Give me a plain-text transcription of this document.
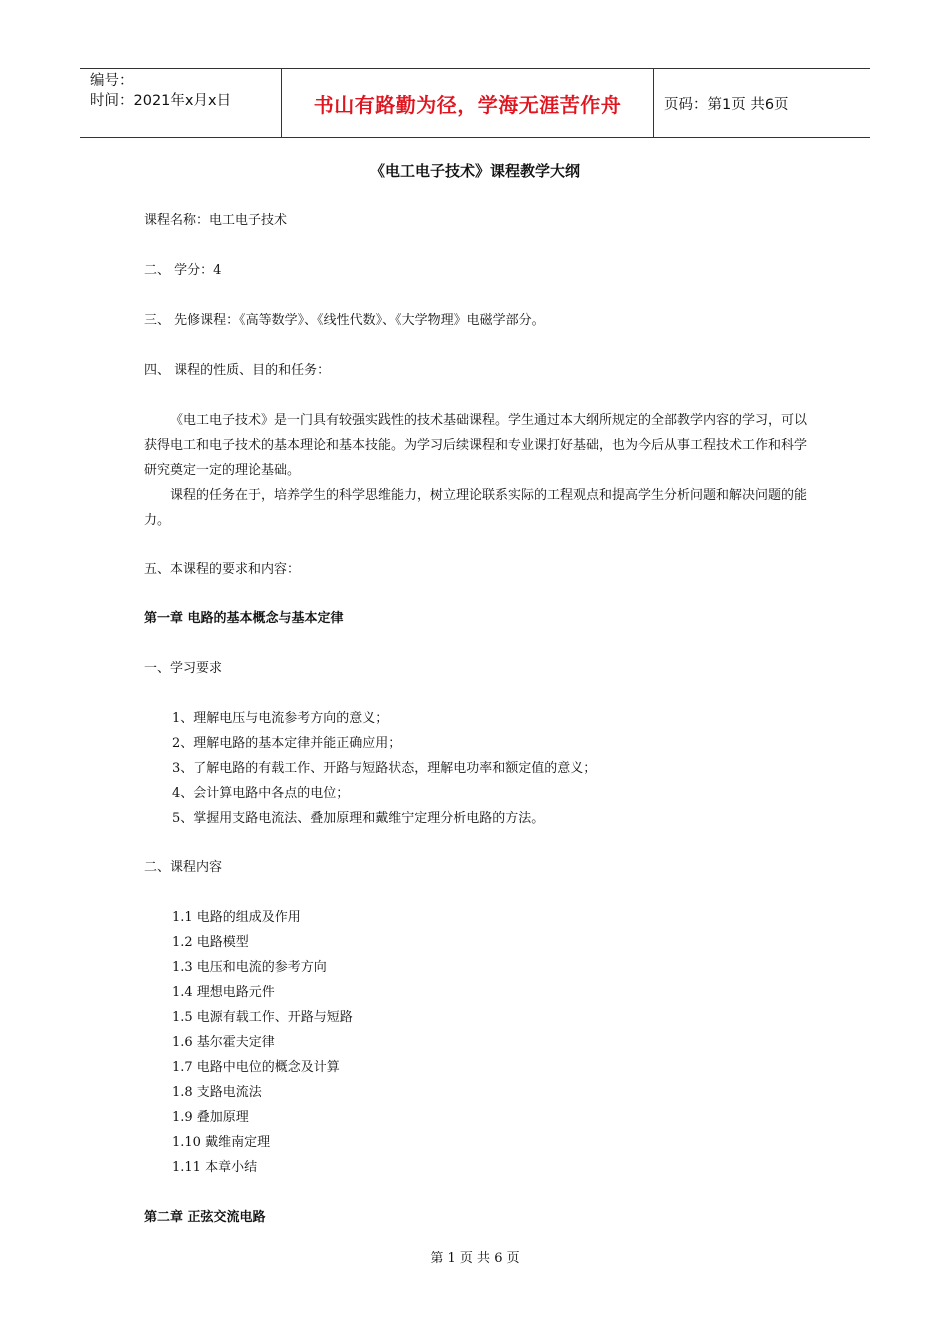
编号：
时间：2021年x月x日	书山有路勤为径，学海无涯苦作舟	页码：第1页 共6页
《电工电子技术》课程教学大纲
课程名称：电工电子技术
二、 学分：4
三、 先修课程：《高等数学》、《线性代数》、《大学物理》电磁学部分。
四、 课程的性质、目的和任务：
《电工电子技术》是一门具有较强实践性的技术基础课程。学生通过本大纲所规定的全部教学内容的学习，可以获得电工和电子技术的基本理论和基本技能。为学习后续课程和专业课打好基础，也为今后从事工程技术工作和科学研究奠定一定的理论基础。
课程的任务在于，培养学生的科学思维能力，树立理论联系实际的工程观点和提高学生分析问题和解决问题的能力。
五、本课程的要求和内容：
第一章 电路的基本概念与基本定律
一、学习要求
1、理解电压与电流参考方向的意义；
2、理解电路的基本定律并能正确应用；
3、了解电路的有载工作、开路与短路状态，理解电功率和额定值的意义；
4、会计算电路中各点的电位；
5、掌握用支路电流法、叠加原理和戴维宁定理分析电路的方法。
二、课程内容
1.1 电路的组成及作用
1.2 电路模型
1.3 电压和电流的参考方向
1.4 理想电路元件
1.5 电源有载工作、开路与短路
1.6 基尔霍夫定律
1.7 电路中电位的概念及计算
1.8 支路电流法
1.9 叠加原理
1.10 戴维南定理
1.11 本章小结
第二章 正弦交流电路
第 1 页 共 6 页
